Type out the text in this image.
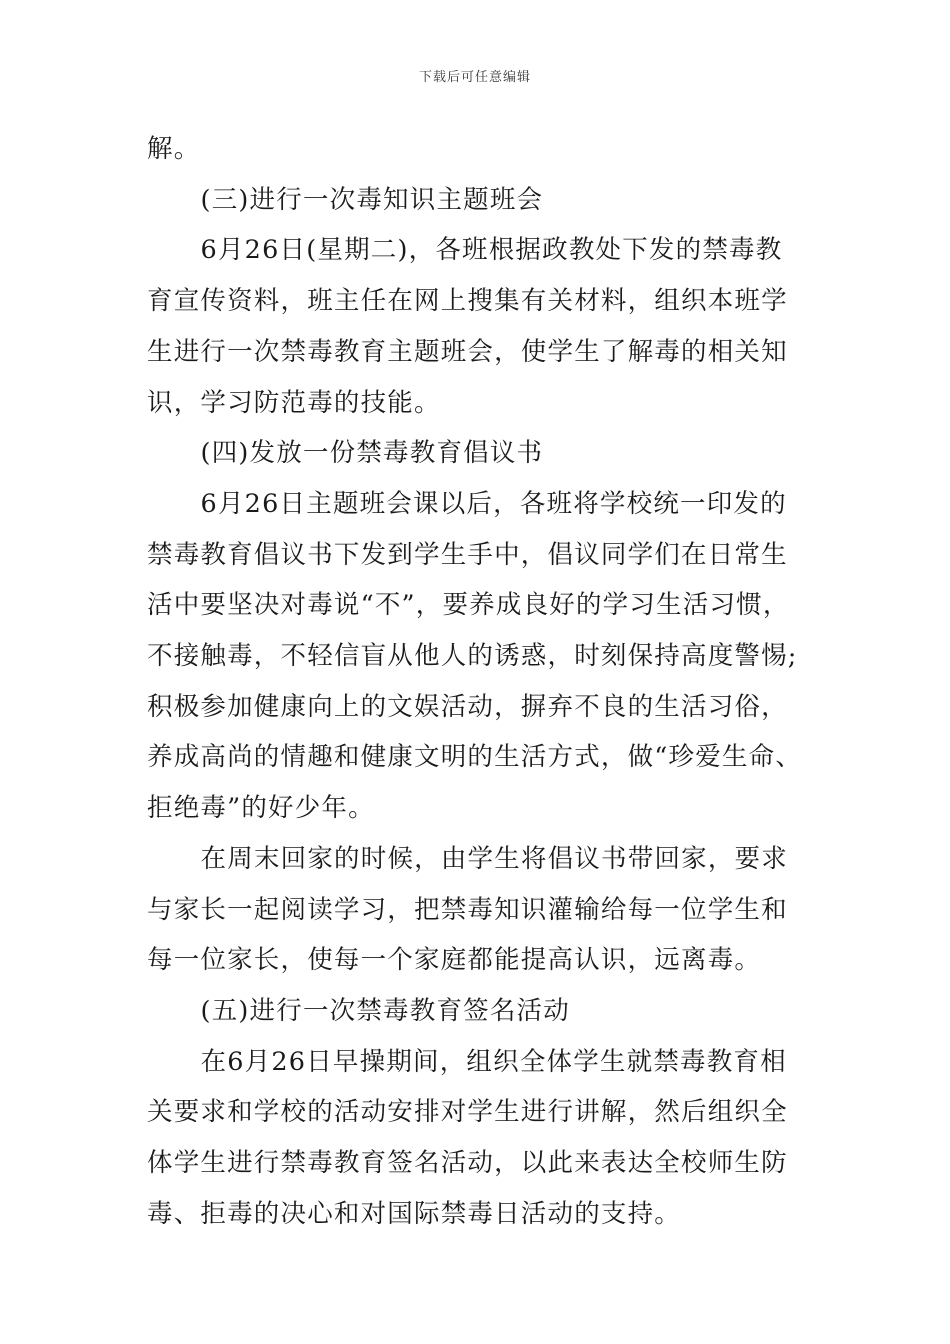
下载后可任意编辑

解。

(三)进行一次毒知识主题班会

6月26日(星期二)，各班根据政教处下发的禁毒教育宣传资料，班主任在网上搜集有关材料，组织本班学生进行一次禁毒教育主题班会，使学生了解毒的相关知识，学习防范毒的技能。

(四)发放一份禁毒教育倡议书

6月26日主题班会课以后，各班将学校统一印发的禁毒教育倡议书下发到学生手中，倡议同学们在日常生活中要坚决对毒说“不”，要养成良好的学习生活习惯，不接触毒，不轻信盲从他人的诱惑，时刻保持高度警惕;积极参加健康向上的文娱活动，摒弃不良的生活习俗，养成高尚的情趣和健康文明的生活方式，做“珍爱生命、拒绝毒”的好少年。

在周末回家的时候，由学生将倡议书带回家，要求与家长一起阅读学习，把禁毒知识灌输给每一位学生和每一位家长，使每一个家庭都能提高认识，远离毒。

(五)进行一次禁毒教育签名活动

在6月26日早操期间，组织全体学生就禁毒教育相关要求和学校的活动安排对学生进行讲解，然后组织全体学生进行禁毒教育签名活动，以此来表达全校师生防毒、拒毒的决心和对国际禁毒日活动的支持。
